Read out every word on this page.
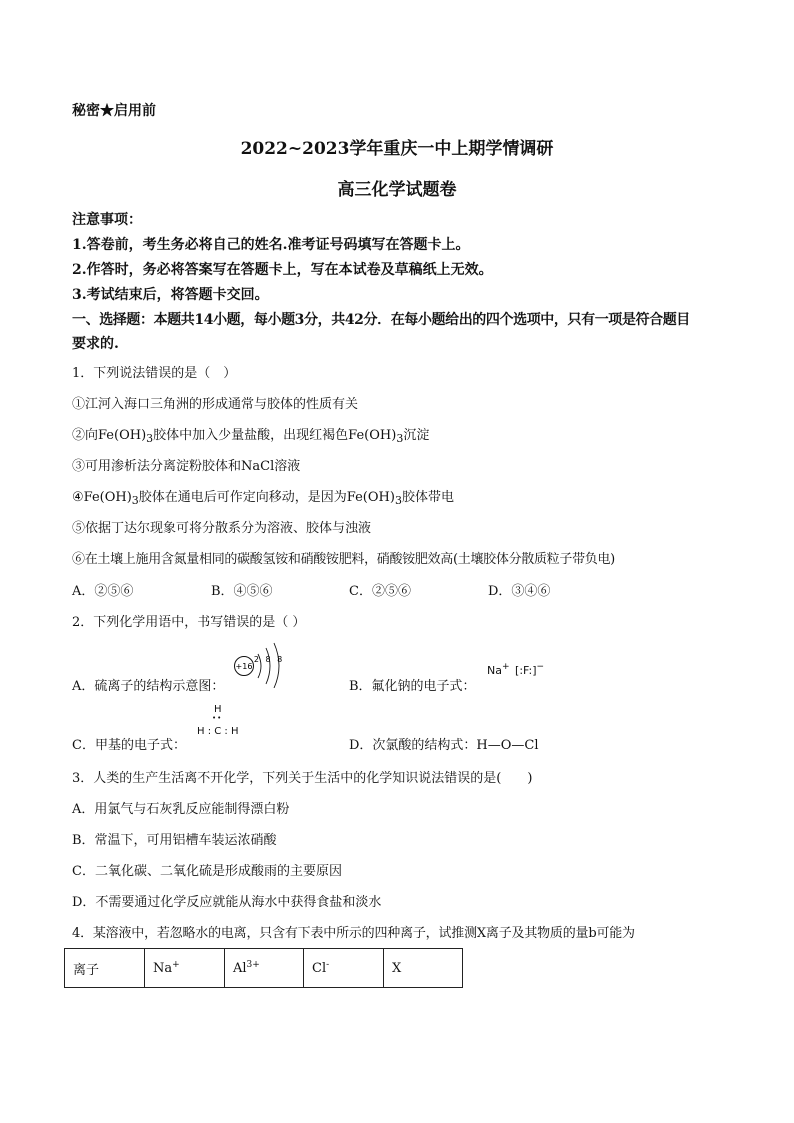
秘密★启用前
2022~2023学年重庆一中上期学情调研
高三化学试题卷
注意事项：
1.答卷前，考生务必将自己的姓名.准考证号码填写在答题卡上。
2.作答时，务必将答案写在答题卡上，写在本试卷及草稿纸上无效。
3.考试结束后，将答题卡交回。
一、选择题：本题共14小题，每小题3分，共42分．在每小题给出的四个选项中，只有一项是符合题目
要求的.
1．下列说法错误的是（　）
①江河入海口三角洲的形成通常与胶体的性质有关
②向$Fe(OH)_3$胶体中加入少量盐酸，出现红褐色$Fe(OH)_3$沉淀
③可用渗析法分离淀粉胶体和NaCl溶液
$④Fe(OH)_3$胶体在通电后可作定向移动，是因为$Fe(OH)_3$胶体带电
⑤依据丁达尔现象可将分散系分为溶液、胶体与浊液
⑥在土壤上施用含氮量相同的碳酸氢铵和硝酸铵肥料，硝酸铵肥效高(土壤胶体分散质粒子带负电)
A．②⑤⑥	B．④⑤⑥	C．②⑤⑥	D．③④⑥
2．下列化学用语中，书写错误的是（ ）
A．硫离子的结构示意图：
+16
2 8 8
B．氟化钠的电子式：
Na+ [:F:]−
C．甲基的电子式：
H
••
H : C : H
D．次氯酸的结构式：H—O—Cl
3．人类的生产生活离不开化学，下列关于生活中的化学知识说法错误的是(　　)
A．用氯气与石灰乳反应能制得漂白粉
B．常温下，可用铝槽车装运浓硝酸
C．二氧化碳、二氧化硫是形成酸雨的主要原因
D．不需要通过化学反应就能从海水中获得食盐和淡水
4．某溶液中，若忽略水的电离，只含有下表中所示的四种离子，试推测X离子及其物质的量b可能为
离子	Na+	$Al^{3+}$	Cl-	X
